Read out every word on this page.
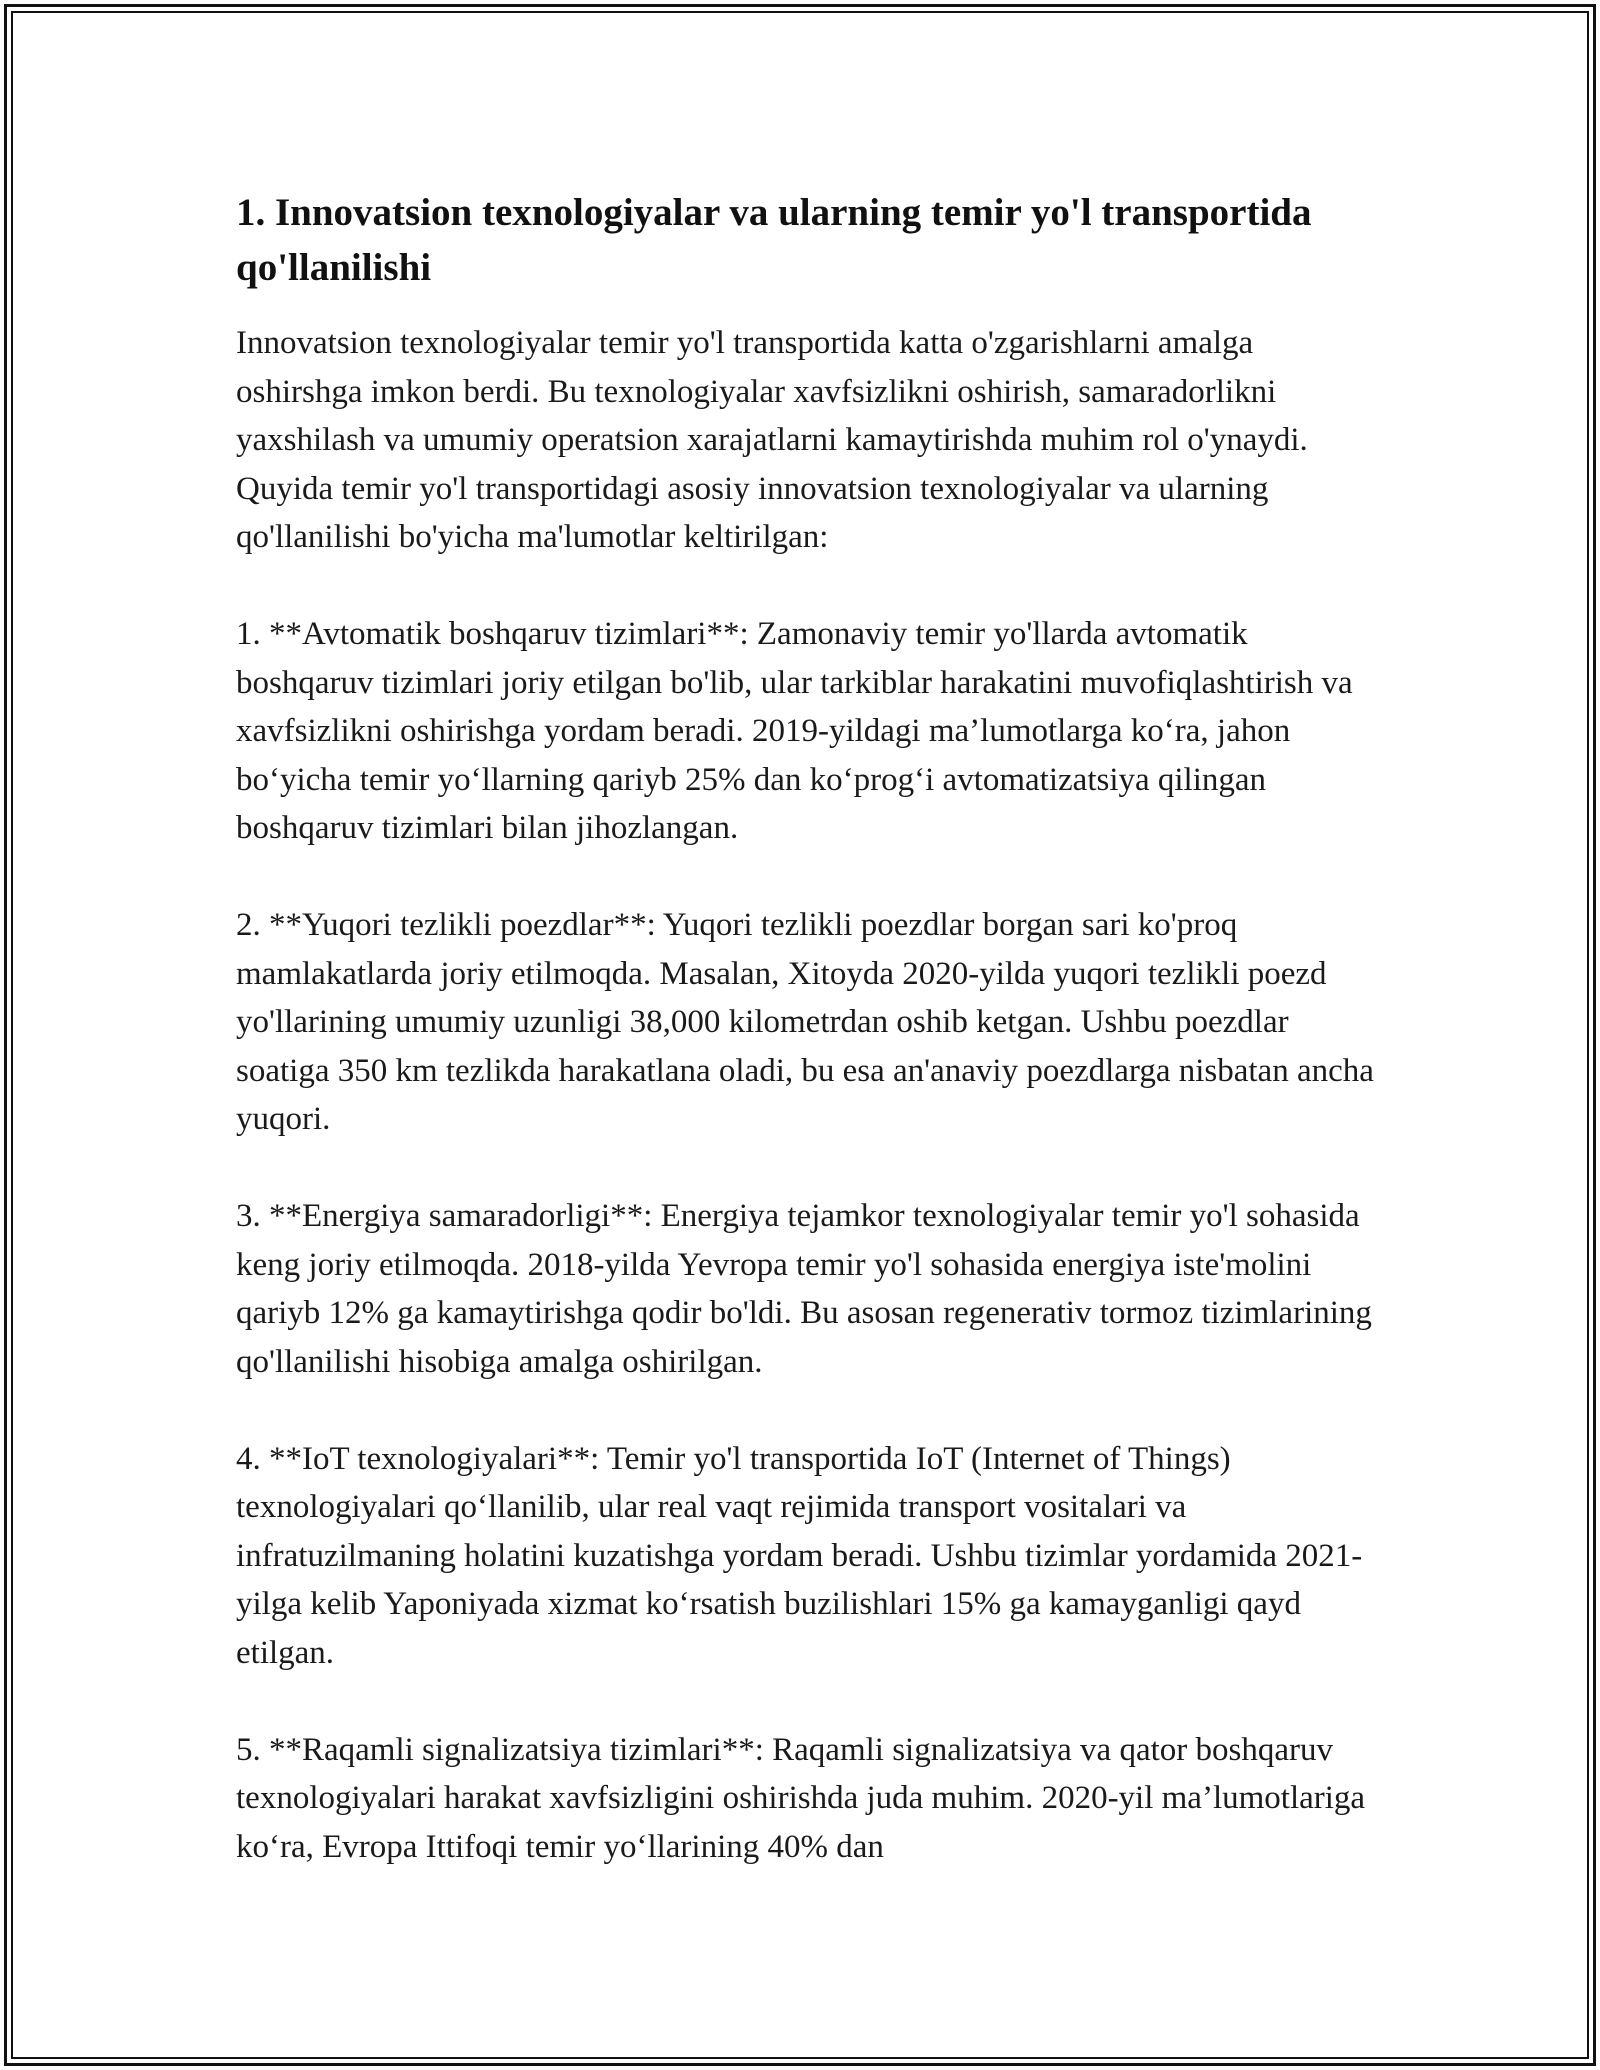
1. Innovatsion texnologiyalar va ularning temir yo'l transportida qo'llanilishi

Innovatsion texnologiyalar temir yo'l transportida katta o'zgarishlarni amalga oshirshga imkon berdi. Bu texnologiyalar xavfsizlikni oshirish, samaradorlikni yaxshilash va umumiy operatsion xarajatlarni kamaytirishda muhim rol o'ynaydi. Quyida temir yo'l transportidagi asosiy innovatsion texnologiyalar va ularning qo'llanilishi bo'yicha ma'lumotlar keltirilgan:

1. **Avtomatik boshqaruv tizimlari**: Zamonaviy temir yo'llarda avtomatik boshqaruv tizimlari joriy etilgan bo'lib, ular tarkiblar harakatini muvofiqlashtirish va xavfsizlikni oshirishga yordam beradi. 2019-yildagi ma’lumotlarga ko‘ra, jahon bo‘yicha temir yo‘llarning qariyb 25% dan ko‘prog‘i avtomatizatsiya qilingan boshqaruv tizimlari bilan jihozlangan.

2. **Yuqori tezlikli poezdlar**: Yuqori tezlikli poezdlar borgan sari ko'proq mamlakatlarda joriy etilmoqda. Masalan, Xitoyda 2020-yilda yuqori tezlikli poezd yo'llarining umumiy uzunligi 38,000 kilometrdan oshib ketgan. Ushbu poezdlar soatiga 350 km tezlikda harakatlana oladi, bu esa an'anaviy poezdlarga nisbatan ancha yuqori.

3. **Energiya samaradorligi**: Energiya tejamkor texnologiyalar temir yo'l sohasida keng joriy etilmoqda. 2018-yilda Yevropa temir yo'l sohasida energiya iste'molini qariyb 12% ga kamaytirishga qodir bo'ldi. Bu asosan regenerativ tormoz tizimlarining qo'llanilishi hisobiga amalga oshirilgan.

4. **IoT texnologiyalari**: Temir yo'l transportida IoT (Internet of Things) texnologiyalari qo‘llanilib, ular real vaqt rejimida transport vositalari va infratuzilmaning holatini kuzatishga yordam beradi. Ushbu tizimlar yordamida 2021-yilga kelib Yaponiyada xizmat ko‘rsatish buzilishlari 15% ga kamayganligi qayd etilgan.

5. **Raqamli signalizatsiya tizimlari**: Raqamli signalizatsiya va qator boshqaruv texnologiyalari harakat xavfsizligini oshirishda juda muhim. 2020-yil ma’lumotlariga ko‘ra, Evropa Ittifoqi temir yo‘llarining 40% dan
